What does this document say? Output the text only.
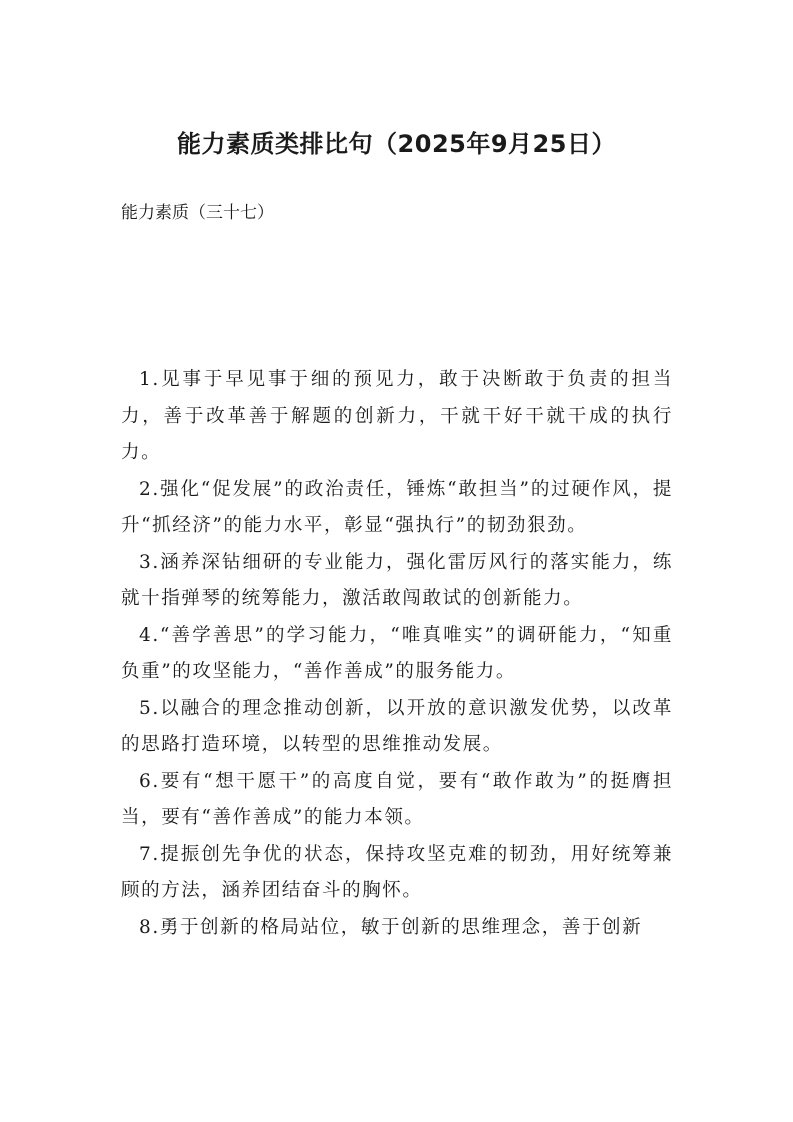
能力素质类排比句（2025年9月25日）

能力素质（三十七）

1.见事于早见事于细的预见力，敢于决断敢于负责的担当力，善于改革善于解题的创新力，干就干好干就干成的执行力。

2.强化“促发展”的政治责任，锤炼“敢担当”的过硬作风，提升“抓经济”的能力水平，彰显“强执行”的韧劲狠劲。

3.涵养深钻细研的专业能力，强化雷厉风行的落实能力，练就十指弹琴的统筹能力，激活敢闯敢试的创新能力。

4.“善学善思”的学习能力，“唯真唯实”的调研能力，“知重负重”的攻坚能力，“善作善成”的服务能力。

5.以融合的理念推动创新，以开放的意识激发优势，以改革的思路打造环境，以转型的思维推动发展。

6.要有“想干愿干”的高度自觉，要有“敢作敢为”的挺膺担当，要有“善作善成”的能力本领。

7.提振创先争优的状态，保持攻坚克难的韧劲，用好统筹兼顾的方法，涵养团结奋斗的胸怀。

8.勇于创新的格局站位，敏于创新的思维理念，善于创新
